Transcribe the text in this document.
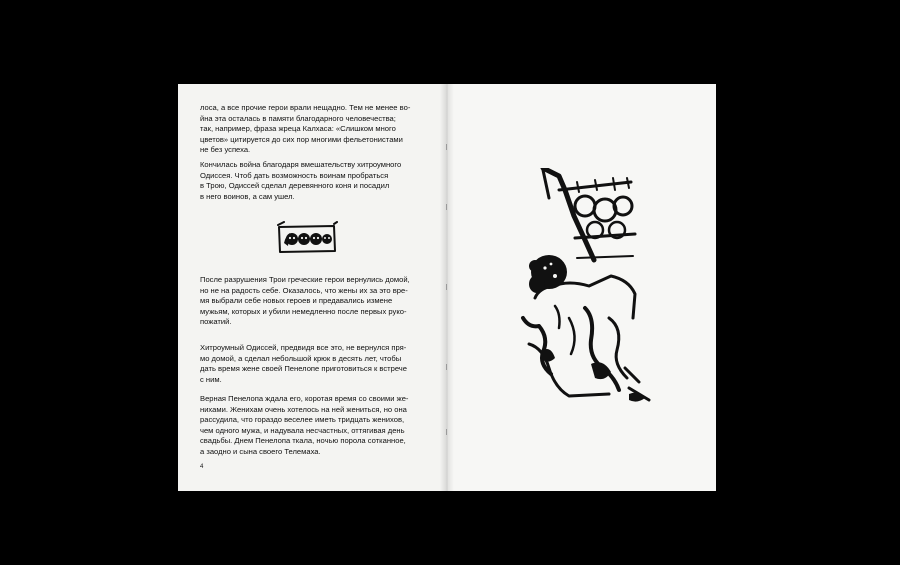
лоса, а все прочие герои врали нещадно. Тем не менее во-
йна эта осталась в памяти благодарного человечества;
так, например, фраза жреца Калхаса: «Слишком много
цветов» цитируется до сих пор многими фельетонистами
не без успеха.
Кончилась война благодаря вмешательству хитроумного
Одиссея. Чтоб дать возможность воинам пробраться
в Трою, Одиссей сделал деревянного коня и посадил
в него воинов, а сам ушел.
После разрушения Трои греческие герои вернулись домой,
но не на радость себе. Оказалось, что жены их за это вре-
мя выбрали себе новых героев и предавались измене
мужьям, которых и убили немедленно после первых руко-
пожатий.
Хитроумный Одиссей, предвидя все это, не вернулся пря-
мо домой, а сделал небольшой крюк в десять лет, чтобы
дать время жене своей Пенелопе приготовиться к встрече
с ним.
Верная Пенелопа ждала его, коротая время со своими же-
нихами. Женихам очень хотелось на ней жениться, но она
рассудила, что гораздо веселее иметь тридцать женихов,
чем одного мужа, и надувала несчастных, оттягивая день
свадьбы. Днем Пенелопа ткала, ночью порола сотканное,
а заодно и сына своего Телемаха.
4
